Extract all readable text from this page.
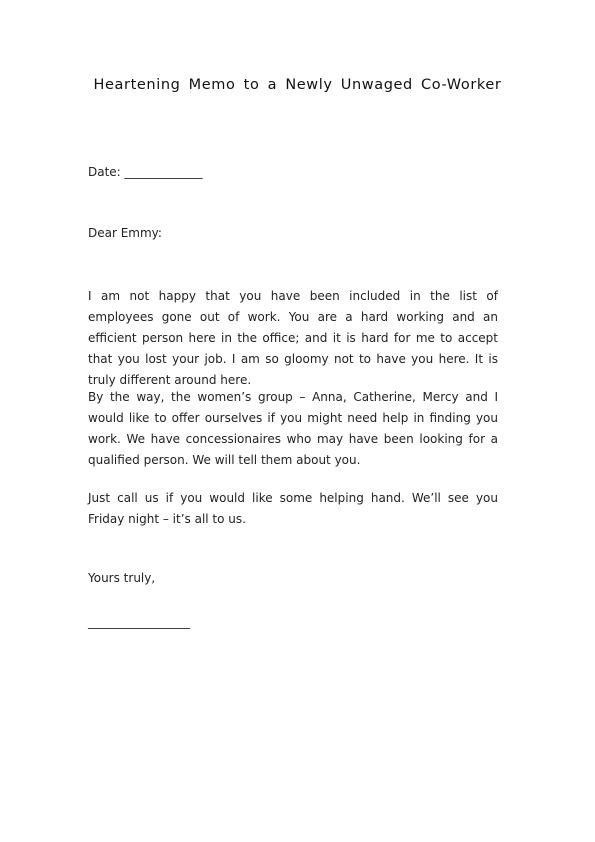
Heartening Memo to a Newly Unwaged Co-Worker
Date: _____________
Dear Emmy:
I am not happy that you have been included in the list of employees gone out of work. You are a hard working and an efficient person here in the office; and it is hard for me to accept that you lost your job. I am so gloomy not to have you here. It is truly different around here.
By the way, the women’s group – Anna, Catherine, Mercy and I would like to offer ourselves if you might need help in finding you work. We have concessionaires who may have been looking for a qualified person. We will tell them about you.
Just call us if you would like some helping hand. We’ll see you Friday night – it’s all to us.
Yours truly,
_________________
